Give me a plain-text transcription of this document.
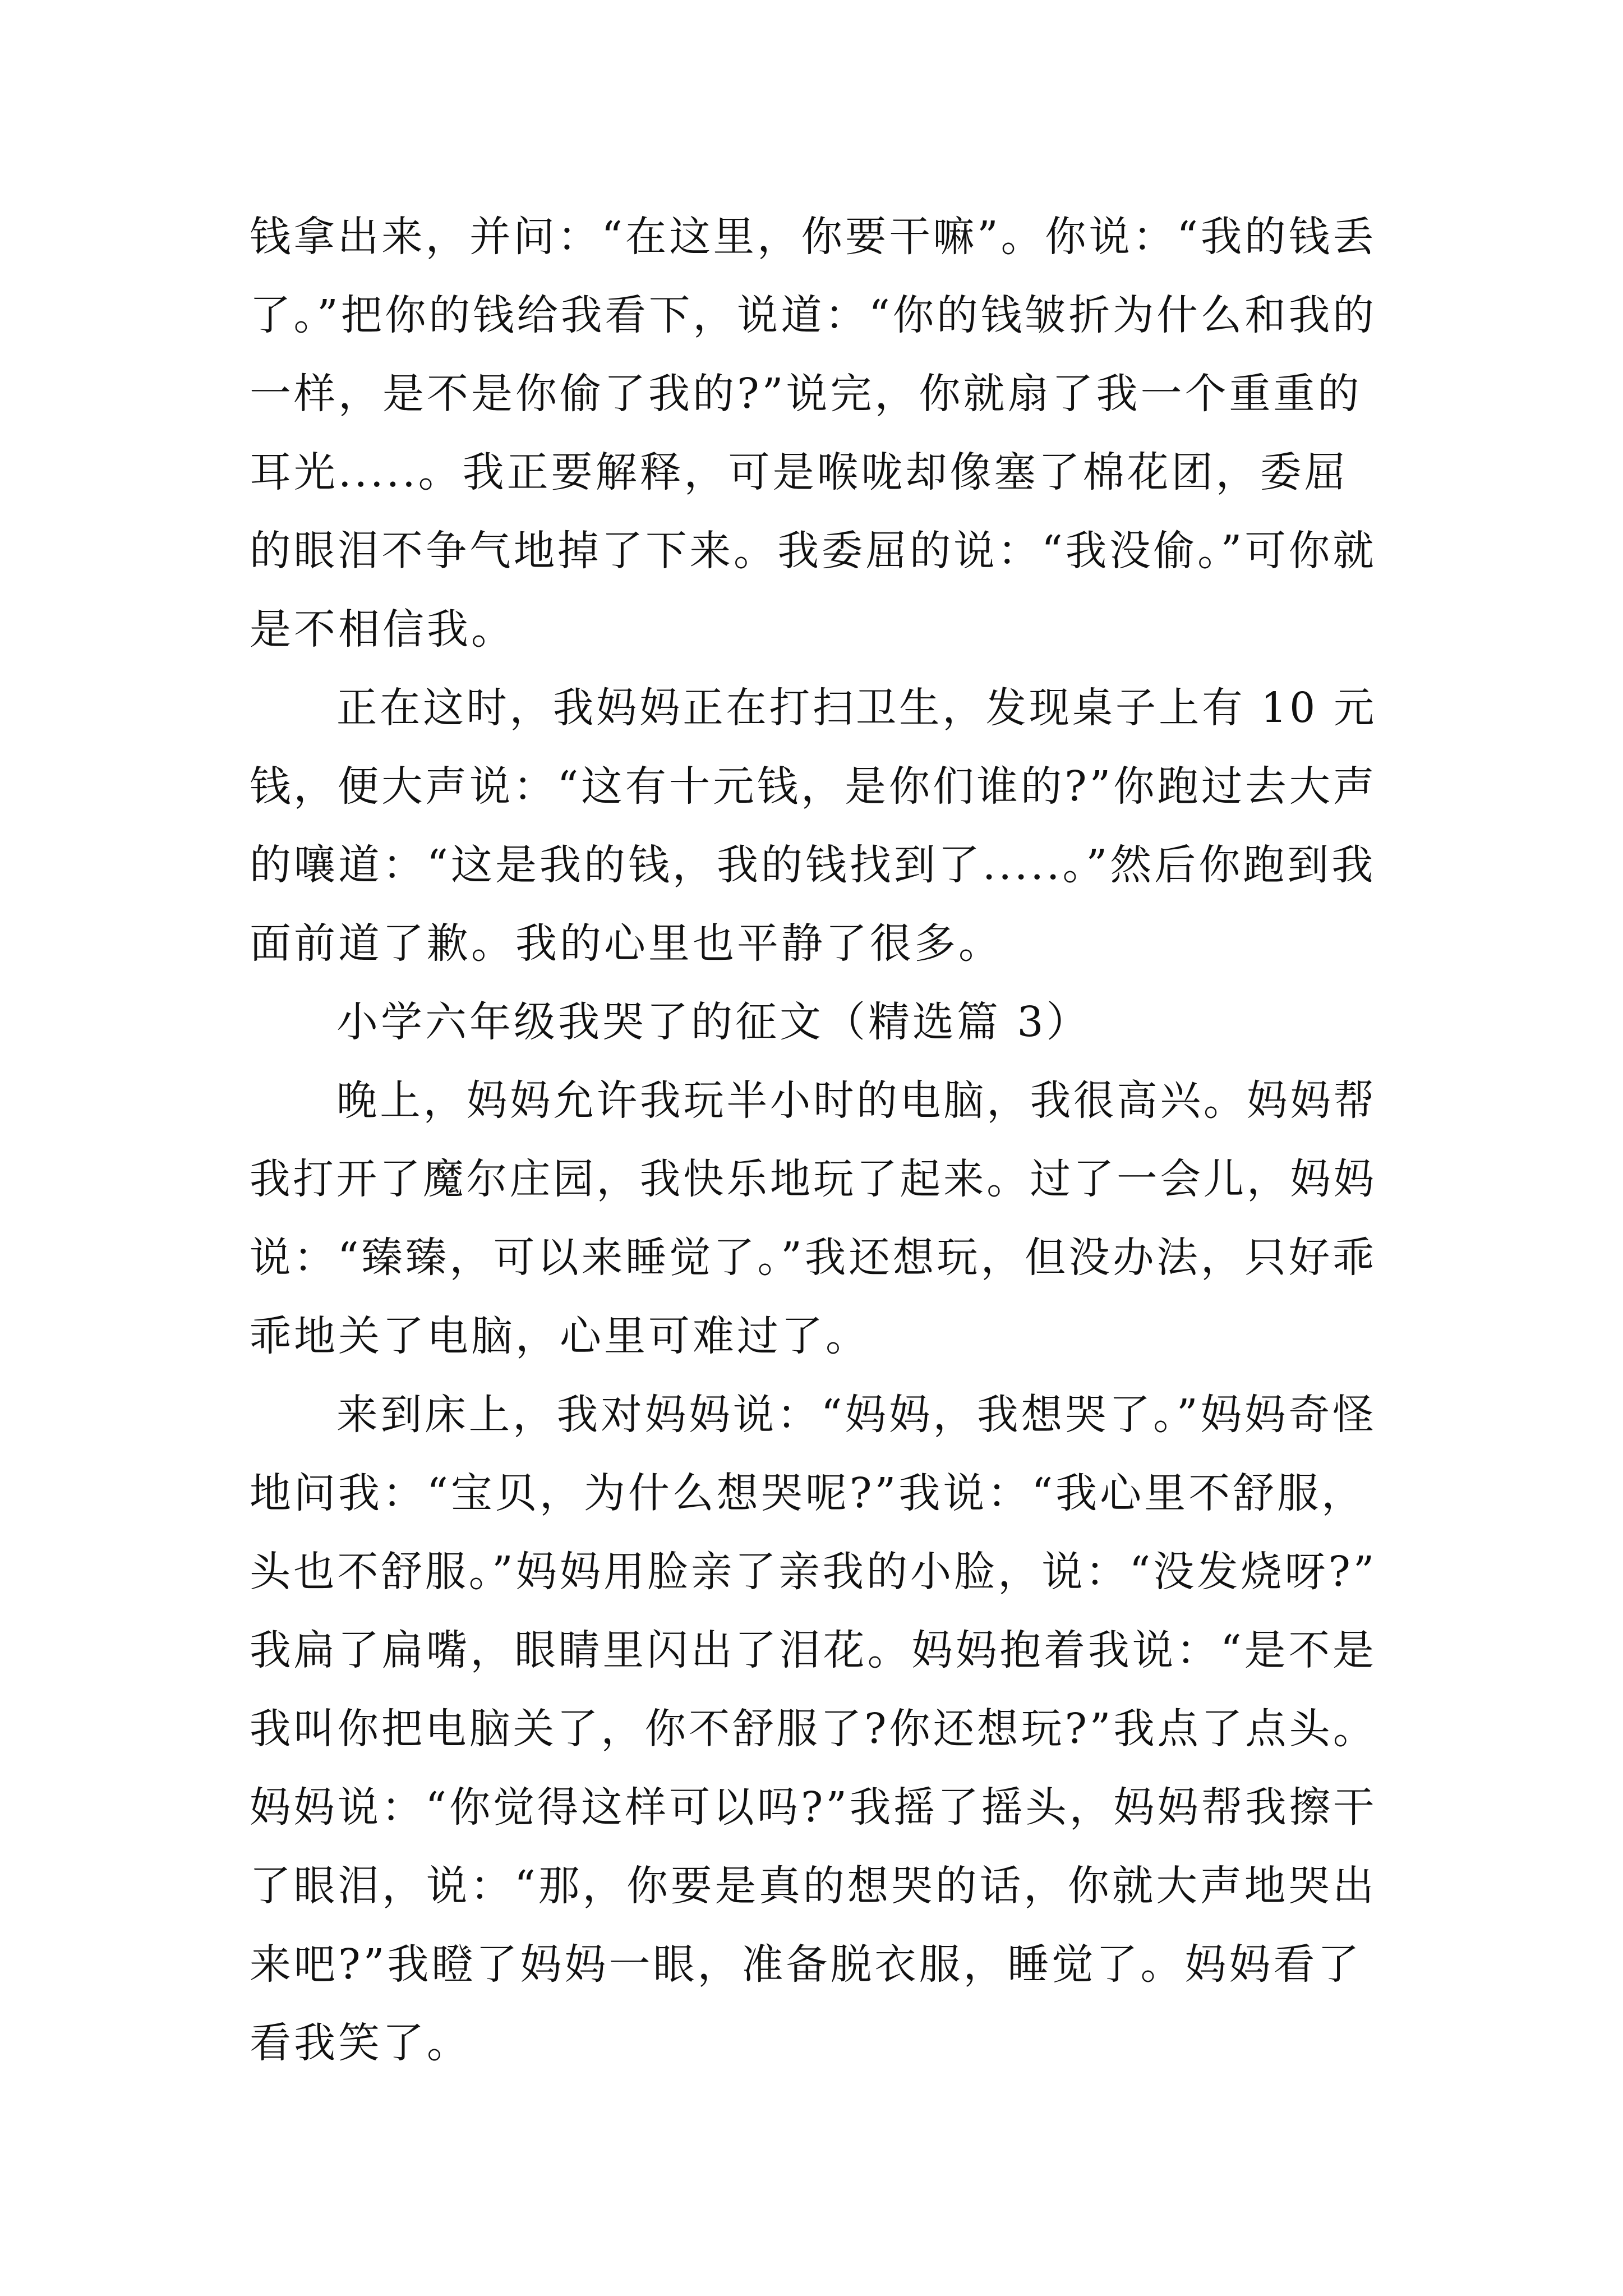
钱拿出来，并问：“在这里，你要干嘛”。你说：“我的钱丢
了。”把你的钱给我看下，说道：“你的钱皱折为什么和我的
一样，是不是你偷了我的?”说完，你就扇了我一个重重的
耳光.....。我正要解释，可是喉咙却像塞了棉花团，委屈
的眼泪不争气地掉了下来。我委屈的说：“我没偷。”可你就
是不相信我。
正在这时，我妈妈正在打扫卫生，发现桌子上有 10 元
钱，便大声说：“这有十元钱，是你们谁的?”你跑过去大声
的嚷道：“这是我的钱，我的钱找到了.....。”然后你跑到我
面前道了歉。我的心里也平静了很多。
小学六年级我哭了的征文（精选篇 3）
晚上，妈妈允许我玩半小时的电脑，我很高兴。妈妈帮
我打开了魔尔庄园，我快乐地玩了起来。过了一会儿，妈妈
说：“臻臻，可以来睡觉了。”我还想玩，但没办法，只好乖
乖地关了电脑，心里可难过了。
来到床上，我对妈妈说：“妈妈，我想哭了。”妈妈奇怪
地问我：“宝贝，为什么想哭呢?”我说：“我心里不舒服，
头也不舒服。”妈妈用脸亲了亲我的小脸，说：“没发烧呀?”
我扁了扁嘴，眼睛里闪出了泪花。妈妈抱着我说：“是不是
我叫你把电脑关了，你不舒服了?你还想玩?”我点了点头。
妈妈说：“你觉得这样可以吗?”我摇了摇头，妈妈帮我擦干
了眼泪，说：“那，你要是真的想哭的话，你就大声地哭出
来吧?”我瞪了妈妈一眼，准备脱衣服，睡觉了。妈妈看了
看我笑了。
